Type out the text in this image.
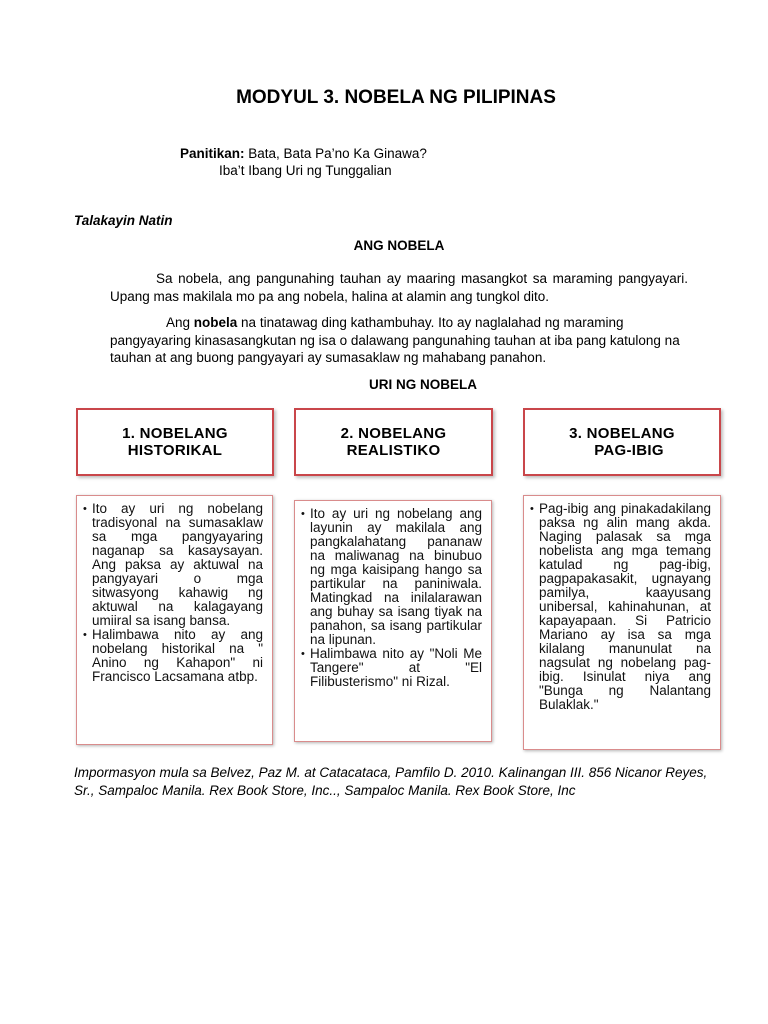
MODYUL 3. NOBELA NG PILIPINAS
Panitikan: Bata, Bata Pa’no Ka Ginawa?
Iba’t Ibang Uri ng Tunggalian
Talakayin Natin
ANG NOBELA
Sa nobela, ang pangunahing tauhan ay maaring masangkot sa maraming pangyayari. Upang mas makilala mo pa ang nobela, halina at alamin ang tungkol dito.
Ang nobela na tinatawag ding kathambuhay. Ito ay naglalahad ng maraming pangyayaring kinasasangkutan ng isa o dalawang pangunahing tauhan at iba pang katulong na tauhan at ang buong pangyayari ay sumasaklaw ng mahabang panahon.
URI NG NOBELA
1. NOBELANG
HISTORIKAL
2. NOBELANG
REALISTIKO
3. NOBELANG
PAG-IBIG
• Ito ay uri ng nobelang tradisyonal na sumasaklaw sa mga pangyayaring naganap sa kasaysayan. Ang paksa ay aktuwal na pangyayari o mga sitwasyong kahawig ng aktuwal na kalagayang umiiral sa isang bansa.
• Halimbawa nito ay ang nobelang historikal na " Anino ng Kahapon" ni Francisco Lacsamana atbp.
• Ito ay uri ng nobelang ang layunin ay makilala ang pangkalahatang pananaw na maliwanag na binubuo ng mga kaisipang hango sa partikular na paniniwala. Matingkad na inilalarawan ang buhay sa isang tiyak na panahon, sa isang partikular na lipunan.
• Halimbawa nito ay "Noli Me Tangere" at "El Filibusterismo" ni Rizal.
• Pag-ibig ang pinakadakilang paksa ng alin mang akda. Naging palasak sa mga nobelista ang mga temang katulad ng pag-ibig, pagpapakasakit, ugnayang pamilya, kaayusang unibersal, kahinahunan, at kapayapaan. Si Patricio Mariano ay isa sa mga kilalang manunulat na nagsulat ng nobelang pag-ibig. Isinulat niya ang "Bunga ng Nalantang Bulaklak."
Impormasyon mula sa Belvez, Paz M. at Catacataca, Pamfilo D. 2010. Kalinangan III. 856 Nicanor Reyes, Sr., Sampaloc Manila. Rex Book Store, Inc.., Sampaloc Manila. Rex Book Store, Inc
